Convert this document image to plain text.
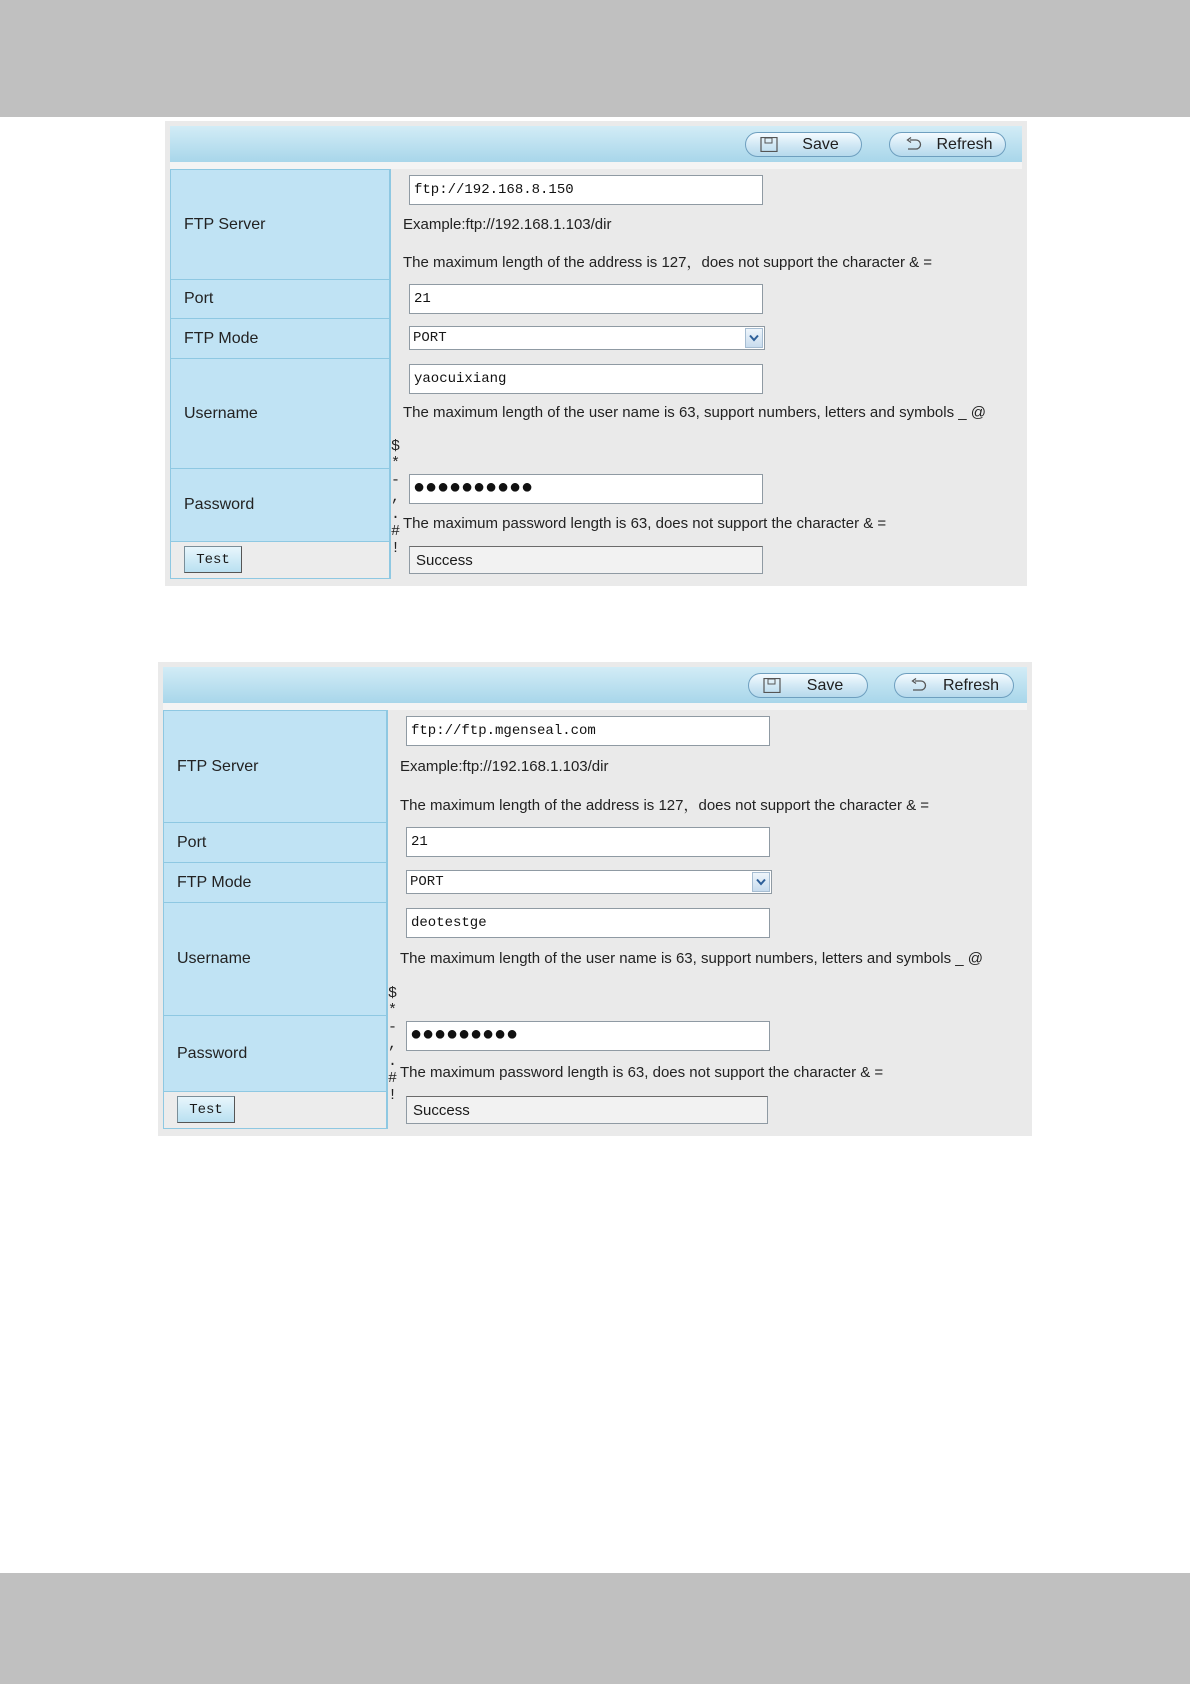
Save	Refresh
FTP Server	ftp://192.168.8.150
Example:ftp://192.168.1.103/dir
The maximum length of the address is 127，does not support the character & =

Port	21

FTP Mode	PORT

Username	yaocuixiang
The maximum length of the user name is 63, support numbers, letters and symbols _ @
$ * - , . # !

Password	●●●●●●●●●●
The maximum password length is 63, does not support the character & =

Test	Success
Save	Refresh
FTP Server	ftp://ftp.mgenseal.com
Example:ftp://192.168.1.103/dir
The maximum length of the address is 127，does not support the character & =

Port	21

FTP Mode	PORT

Username	deotestge
The maximum length of the user name is 63, support numbers, letters and symbols _ @
$ * - , . # !

Password	●●●●●●●●●
The maximum password length is 63, does not support the character & =

Test	Success
